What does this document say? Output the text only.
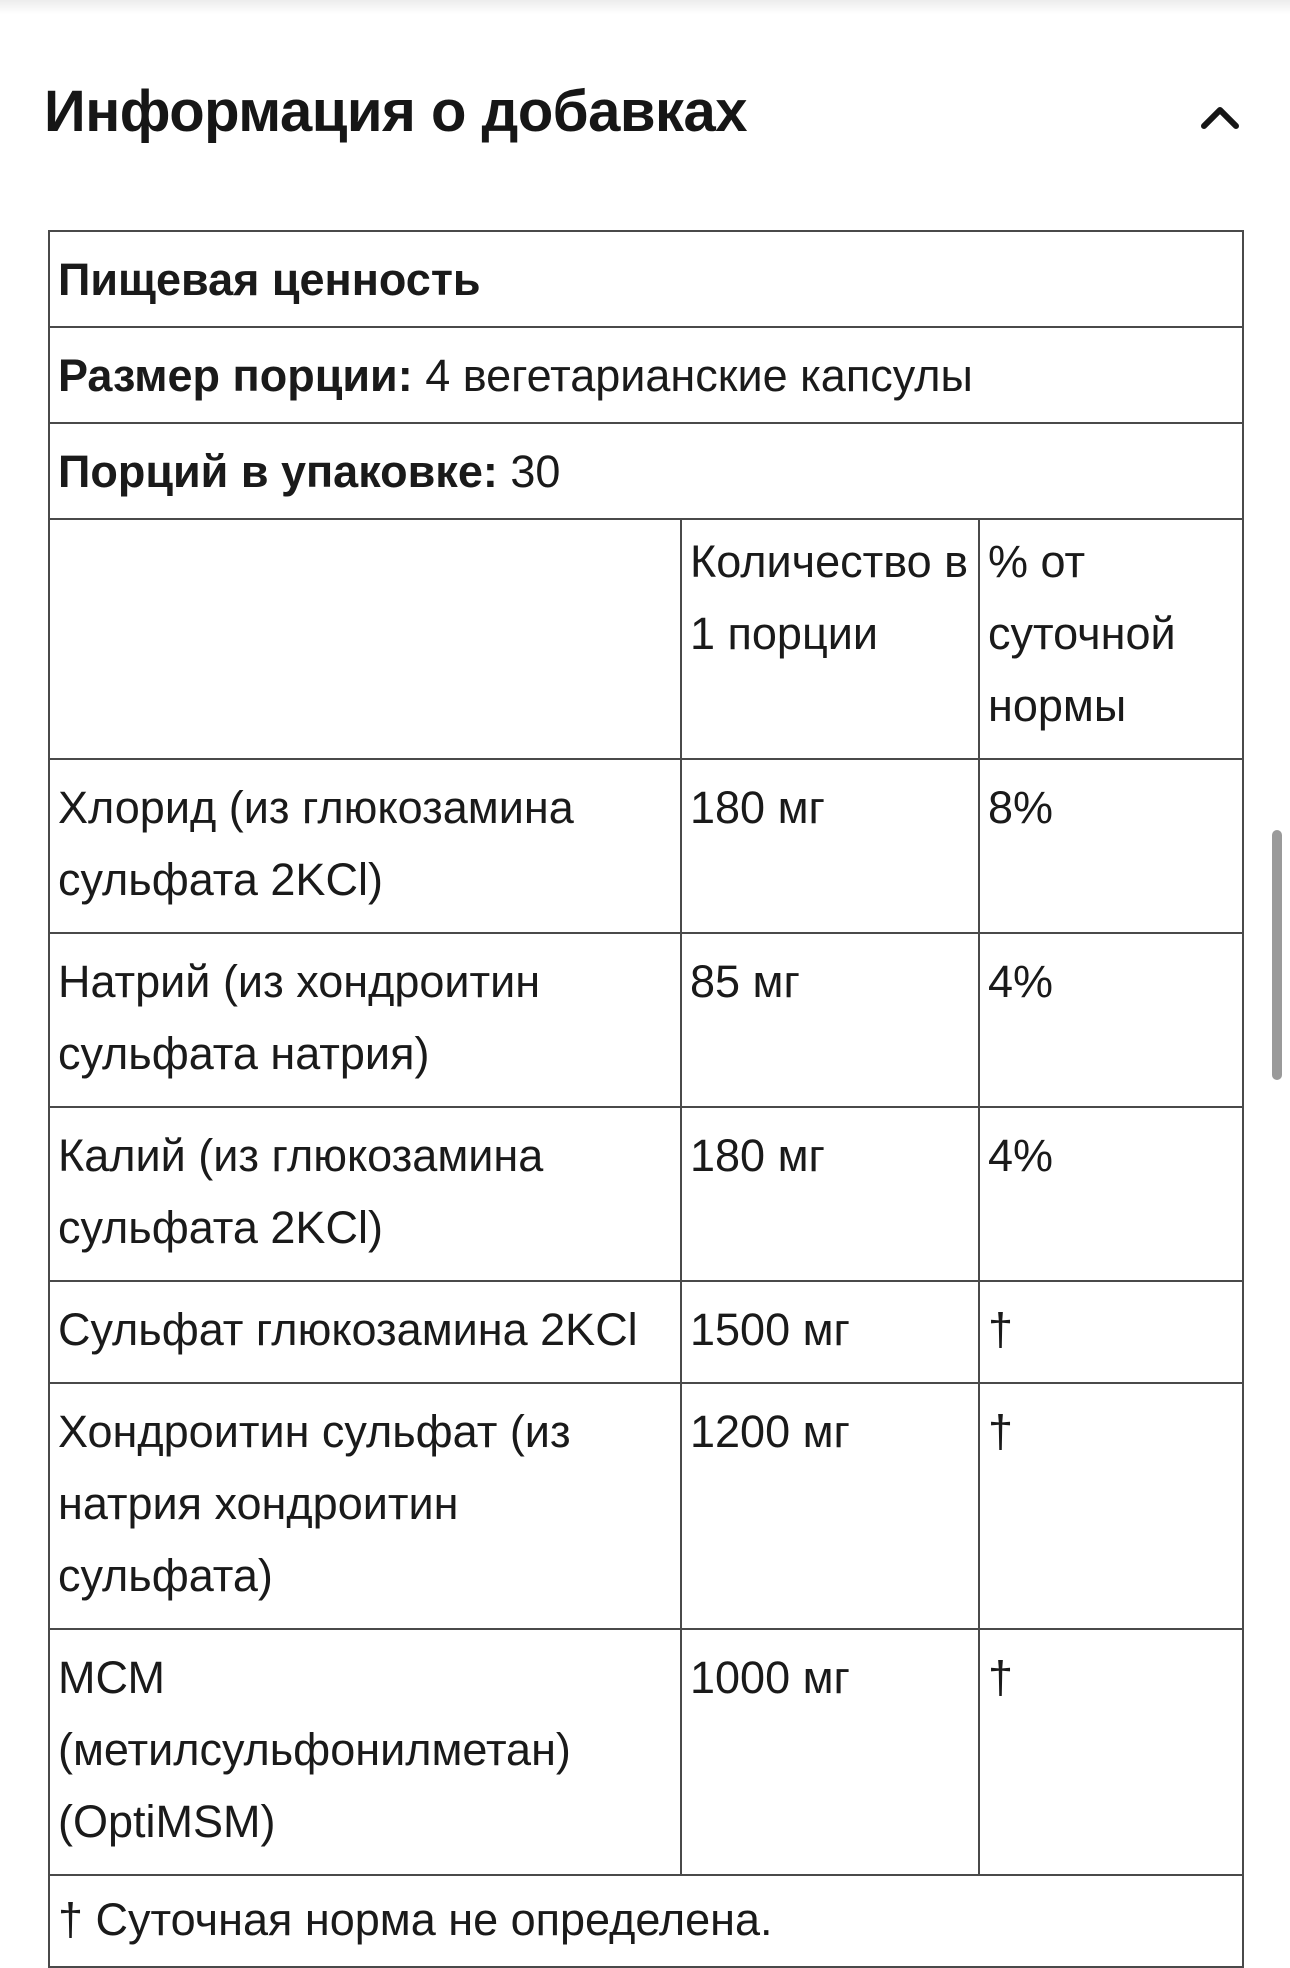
Информация о добавках
Пищевая ценность		
Размер порции: 4 вегетарианские капсулы		
Порций в упаковке: 30		
	Количество в 1 порции	% от суточной нормы
Хлорид (из глюкозамина сульфата 2KCl)	180 мг	8%
Натрий (из хондроитин сульфата натрия)	85 мг	4%
Калий (из глюкозамина сульфата 2KCl)	180 мг	4%
Сульфат глюкозамина 2KCl	1500 мг	†
Хондроитин сульфат (из натрия хондроитин сульфата)	1200 мг	†
МСМ (метилсульфонилметан) (OptiMSM)	1000 мг	†
† Суточная норма не определена.		
